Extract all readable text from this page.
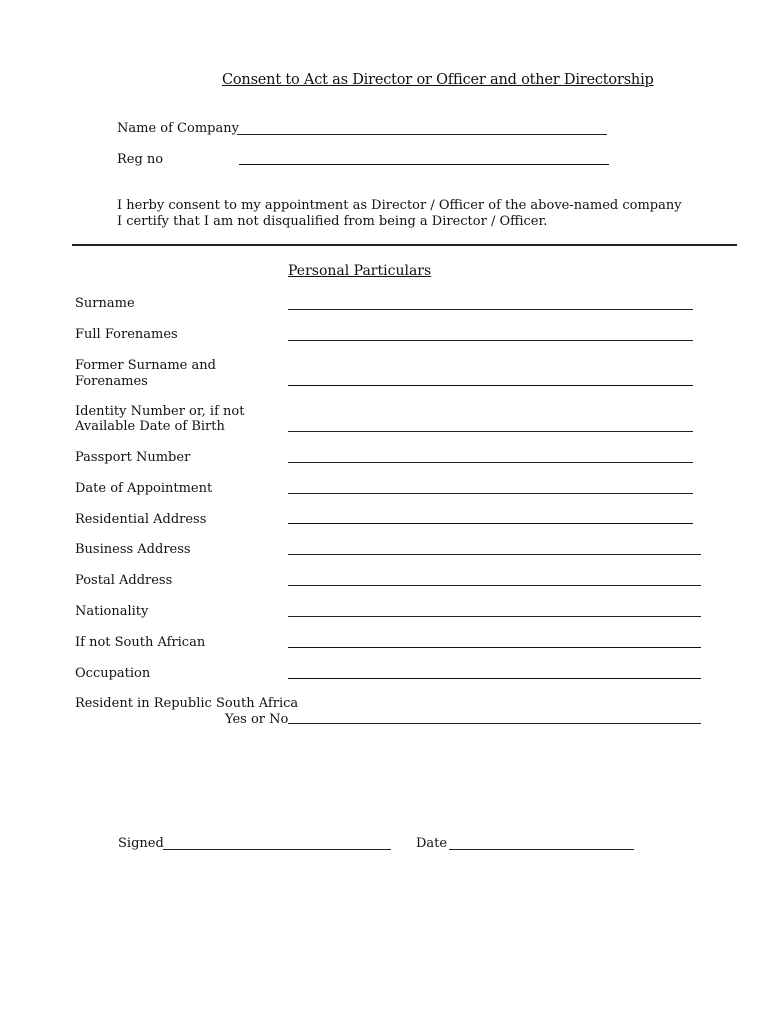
Consent to Act as Director or Officer and other Directorship
Name of Company
Reg no
I herby consent to my appointment as Director / Officer of the above-named company
I certify that I am not disqualified from being a Director / Officer.
Personal Particulars
Surname
Full Forenames
Former Surname and
Forenames
Identity Number or, if not
Available Date of Birth
Passport Number
Date of Appointment
Residential Address
Business Address
Postal Address
Nationality
If not South African
Occupation
Resident in Republic South Africa
Yes or No
Signed	Date
